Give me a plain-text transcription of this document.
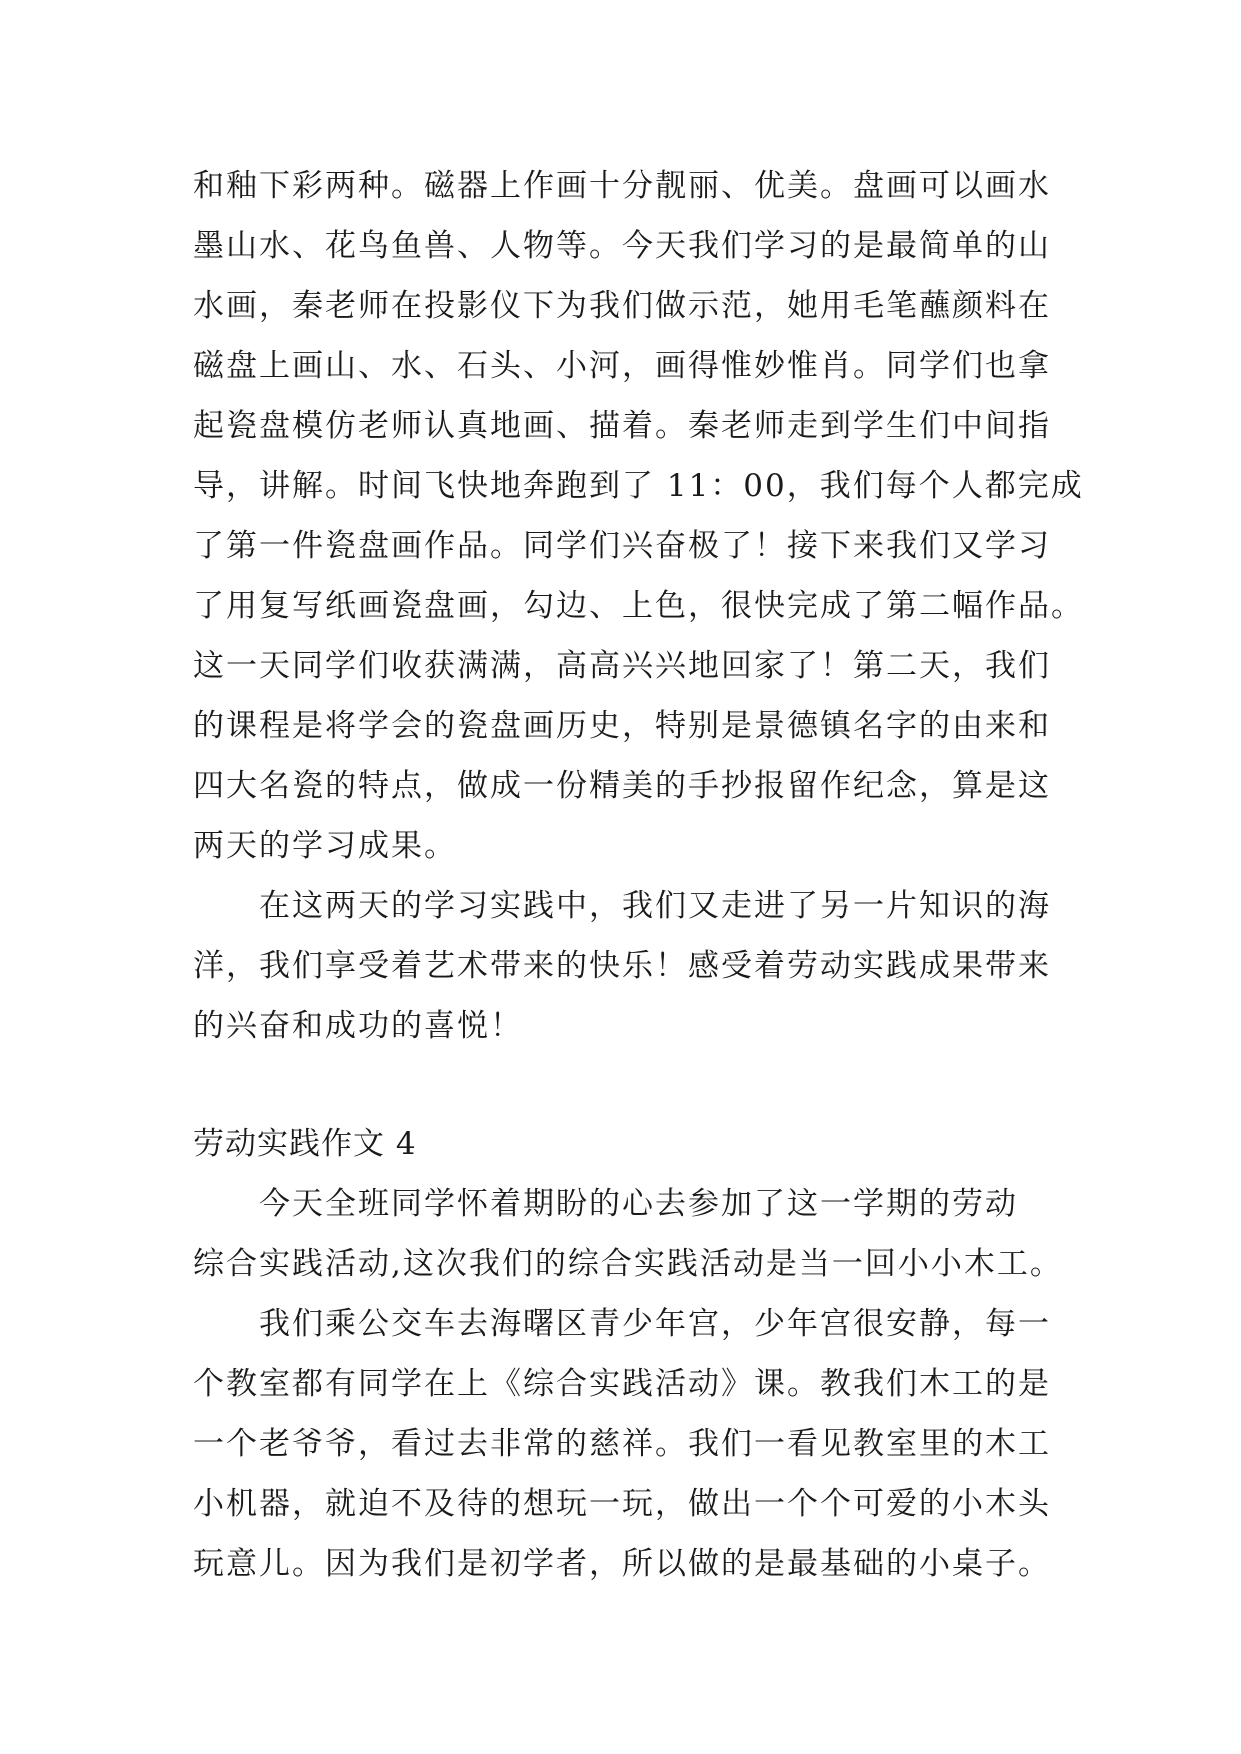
和釉下彩两种。磁器上作画十分靓丽、优美。盘画可以画水
墨山水、花鸟鱼兽、人物等。今天我们学习的是最简单的山
水画，秦老师在投影仪下为我们做示范，她用毛笔蘸颜料在
磁盘上画山、水、石头、小河，画得惟妙惟肖。同学们也拿
起瓷盘模仿老师认真地画、描着。秦老师走到学生们中间指
导，讲解。时间飞快地奔跑到了 11：00，我们每个人都完成
了第一件瓷盘画作品。同学们兴奋极了！接下来我们又学习
了用复写纸画瓷盘画，勾边、上色，很快完成了第二幅作品。
这一天同学们收获满满，高高兴兴地回家了！第二天，我们
的课程是将学会的瓷盘画历史，特别是景德镇名字的由来和
四大名瓷的特点，做成一份精美的手抄报留作纪念，算是这
两天的学习成果。
　　在这两天的学习实践中，我们又走进了另一片知识的海
洋，我们享受着艺术带来的快乐！感受着劳动实践成果带来
的兴奋和成功的喜悦！
劳动实践作文 4
　　今天全班同学怀着期盼的心去参加了这一学期的劳动
综合实践活动,这次我们的综合实践活动是当一回小小木工。
　　我们乘公交车去海曙区青少年宫，少年宫很安静，每一
个教室都有同学在上《综合实践活动》课。教我们木工的是
一个老爷爷，看过去非常的慈祥。我们一看见教室里的木工
小机器，就迫不及待的想玩一玩，做出一个个可爱的小木头
玩意儿。因为我们是初学者，所以做的是最基础的小桌子。
